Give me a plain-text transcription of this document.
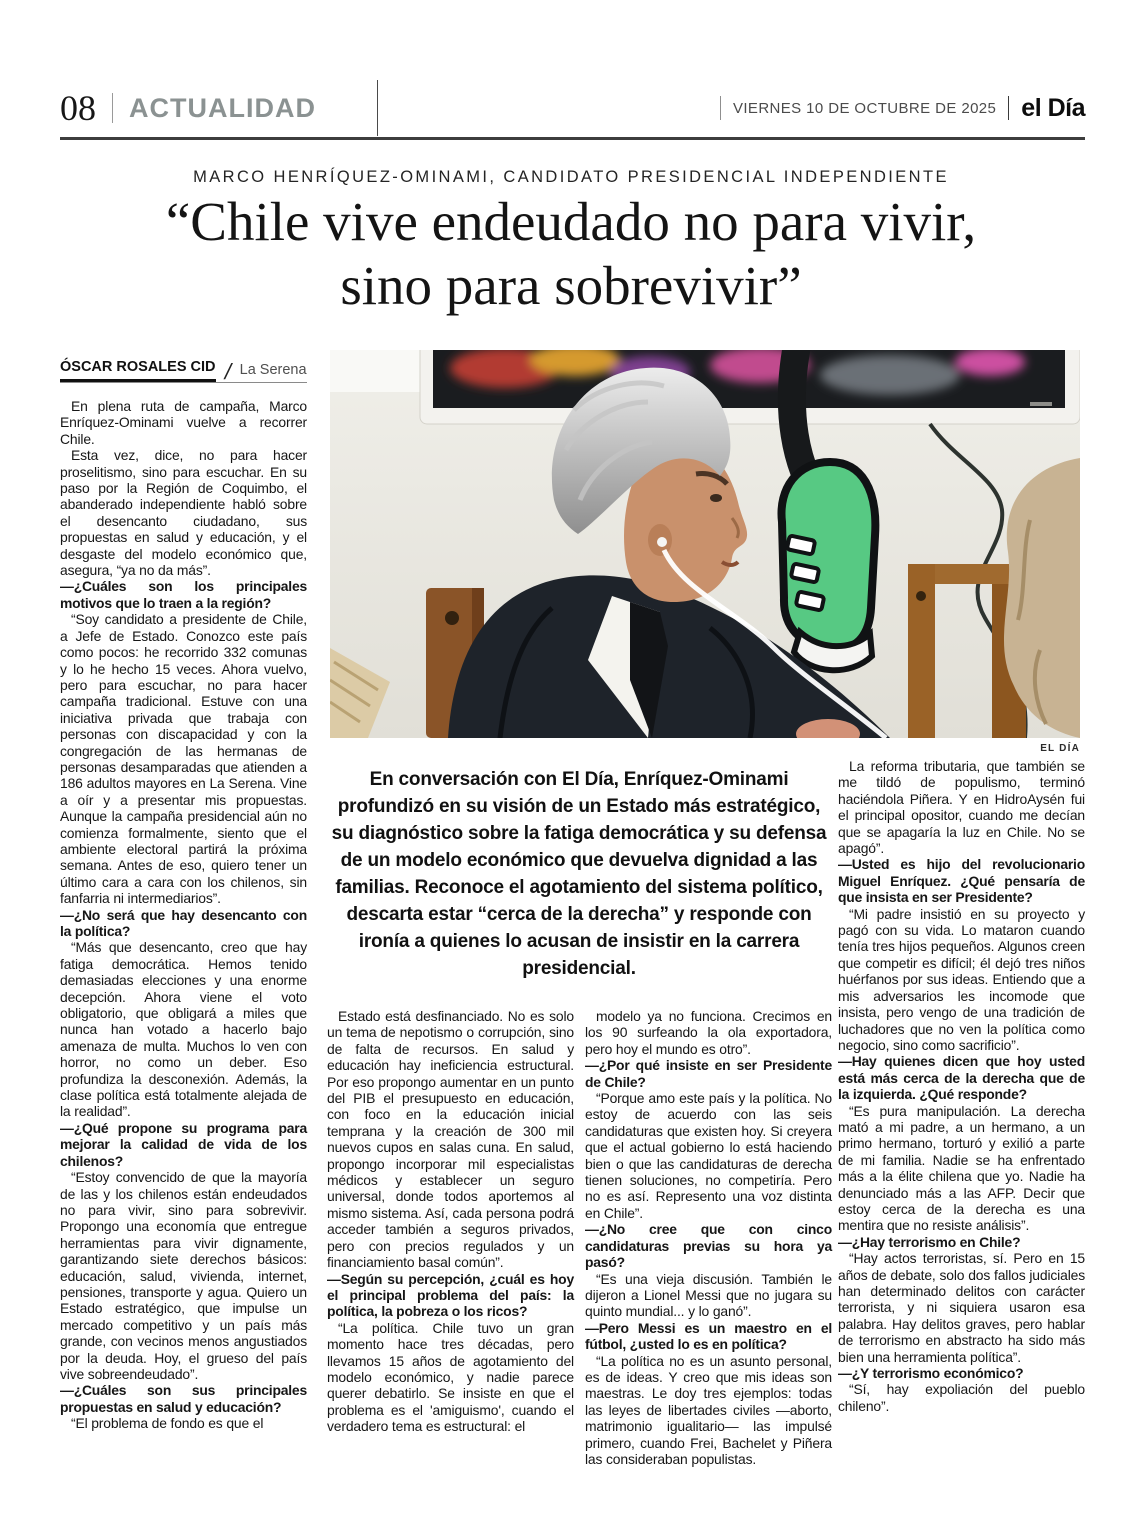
08 ACTUALIDAD	VIERNES 10 DE OCTUBRE DE 2025 el Día
MARCO HENRÍQUEZ-OMINAMI, CANDIDATO PRESIDENCIAL INDEPENDIENTE
“Chile vive endeudado no para vivir,
sino para sobrevivir”
ÓSCAR ROSALES CID / La Serena
EL DÍA
En conversación con El Día, Enríquez-Ominami profundizó en su visión de un Estado más estratégico, su diagnóstico sobre la fatiga democrática y su defensa de un modelo económico que devuelva dignidad a las familias. Reconoce el agotamiento del sistema político, descarta estar “cerca de la derecha” y responde con ironía a quienes lo acusan de insistir en la carrera presidencial.

En plena ruta de campaña, Marco Enríquez-Ominami vuelve a recorrer Chile.

Esta vez, dice, no para hacer proselitismo, sino para escuchar. En su paso por la Región de Coquimbo, el abanderado independiente habló sobre el desencanto ciudadano, sus propuestas en salud y educación, y el desgaste del modelo económico que, asegura, “ya no da más”.

—¿Cuáles son los principales motivos que lo traen a la región?

“Soy candidato a presidente de Chile, a Jefe de Estado. Conozco este país como pocos: he recorrido 332 comunas y lo he hecho 15 veces. Ahora vuelvo, pero para escuchar, no para hacer campaña tradicional. Estuve con una iniciativa privada que trabaja con personas con discapacidad y con la congregación de las hermanas de personas desamparadas que atienden a 186 adultos mayores en La Serena. Vine a oír y a presentar mis propuestas. Aunque la campaña presidencial aún no comienza formalmente, siento que el ambiente electoral partirá la próxima semana. Antes de eso, quiero tener un último cara a cara con los chilenos, sin fanfarria ni intermediarios”.

—¿No será que hay desencanto con la política?

“Más que desencanto, creo que hay fatiga democrática. Hemos tenido demasiadas elecciones y una enorme decepción. Ahora viene el voto obligatorio, que obligará a miles que nunca han votado a hacerlo bajo amenaza de multa. Muchos lo ven con horror, no como un deber. Eso profundiza la desconexión. Además, la clase política está totalmente alejada de la realidad”.

—¿Qué propone su programa para mejorar la calidad de vida de los chilenos?

“Estoy convencido de que la mayoría de las y los chilenos están endeudados no para vivir, sino para sobrevivir. Propongo una economía que entregue herramientas para vivir dignamente, garantizando siete derechos básicos: educación, salud, vivienda, internet, pensiones, transporte y agua. Quiero un Estado estratégico, que impulse un mercado competitivo y un país más grande, con vecinos menos angustiados por la deuda. Hoy, el grueso del país vive sobreendeudado”.

—¿Cuáles son sus principales propuestas en salud y educación?

“El problema de fondo es que el

Estado está desfinanciado. No es solo un tema de nepotismo o corrupción, sino de falta de recursos. En salud y educación hay ineficiencia estructural. Por eso propongo aumentar en un punto del PIB el presupuesto en educación, con foco en la educación inicial temprana y la creación de 300 mil nuevos cupos en salas cuna. En salud, propongo incorporar mil especialistas médicos y establecer un seguro universal, donde todos aportemos al mismo sistema. Así, cada persona podrá acceder también a seguros privados, pero con precios regulados y un financiamiento basal común”.

—Según su percepción, ¿cuál es hoy el principal problema del país: la política, la pobreza o los ricos?

“La política. Chile tuvo un gran momento hace tres décadas, pero llevamos 15 años de agotamiento del modelo económico, y nadie parece querer debatirlo. Se insiste en que el problema es el 'amiguismo', cuando el verdadero tema es estructural: el

modelo ya no funciona. Crecimos en los 90 surfeando la ola exportadora, pero hoy el mundo es otro”.

—¿Por qué insiste en ser Presidente de Chile?

“Porque amo este país y la política. No estoy de acuerdo con las seis candidaturas que existen hoy. Si creyera que el actual gobierno lo está haciendo bien o que las candidaturas de derecha tienen soluciones, no competiría. Pero no es así. Represento una voz distinta en Chile”.

—¿No cree que con cinco candidaturas previas su hora ya pasó?

“Es una vieja discusión. También le dijeron a Lionel Messi que no jugara su quinto mundial... y lo ganó”.

—Pero Messi es un maestro en el fútbol, ¿usted lo es en política?

“La política no es un asunto personal, es de ideas. Y creo que mis ideas son maestras. Le doy tres ejemplos: todas las leyes de libertades civiles —aborto, matrimonio igualitario— las impulsé primero, cuando Frei, Bachelet y Piñera las consideraban populistas.

La reforma tributaria, que también se me tildó de populismo, terminó haciéndola Piñera. Y en HidroAysén fui el principal opositor, cuando me decían que se apagaría la luz en Chile. No se apagó”.

—Usted es hijo del revolucionario Miguel Enríquez. ¿Qué pensaría de que insista en ser Presidente?

“Mi padre insistió en su proyecto y pagó con su vida. Lo mataron cuando tenía tres hijos pequeños. Algunos creen que competir es difícil; él dejó tres niños huérfanos por sus ideas. Entiendo que a mis adversarios les incomode que insista, pero vengo de una tradición de luchadores que no ven la política como negocio, sino como sacrificio”.

—Hay quienes dicen que hoy usted está más cerca de la derecha que de la izquierda. ¿Qué responde?

“Es pura manipulación. La derecha mató a mi padre, a un hermano, a un primo hermano, torturó y exilió a parte de mi familia. Nadie se ha enfrentado más a la élite chilena que yo. Nadie ha denunciado más a las AFP. Decir que estoy cerca de la derecha es una mentira que no resiste análisis”.

—¿Hay terrorismo en Chile?

“Hay actos terroristas, sí. Pero en 15 años de debate, solo dos fallos judiciales han determinado delitos con carácter terrorista, y ni siquiera usaron esa palabra. Hay delitos graves, pero hablar de terrorismo en abstracto ha sido más bien una herramienta política”.

—¿Y terrorismo económico?

“Sí, hay expoliación del pueblo chileno”.
